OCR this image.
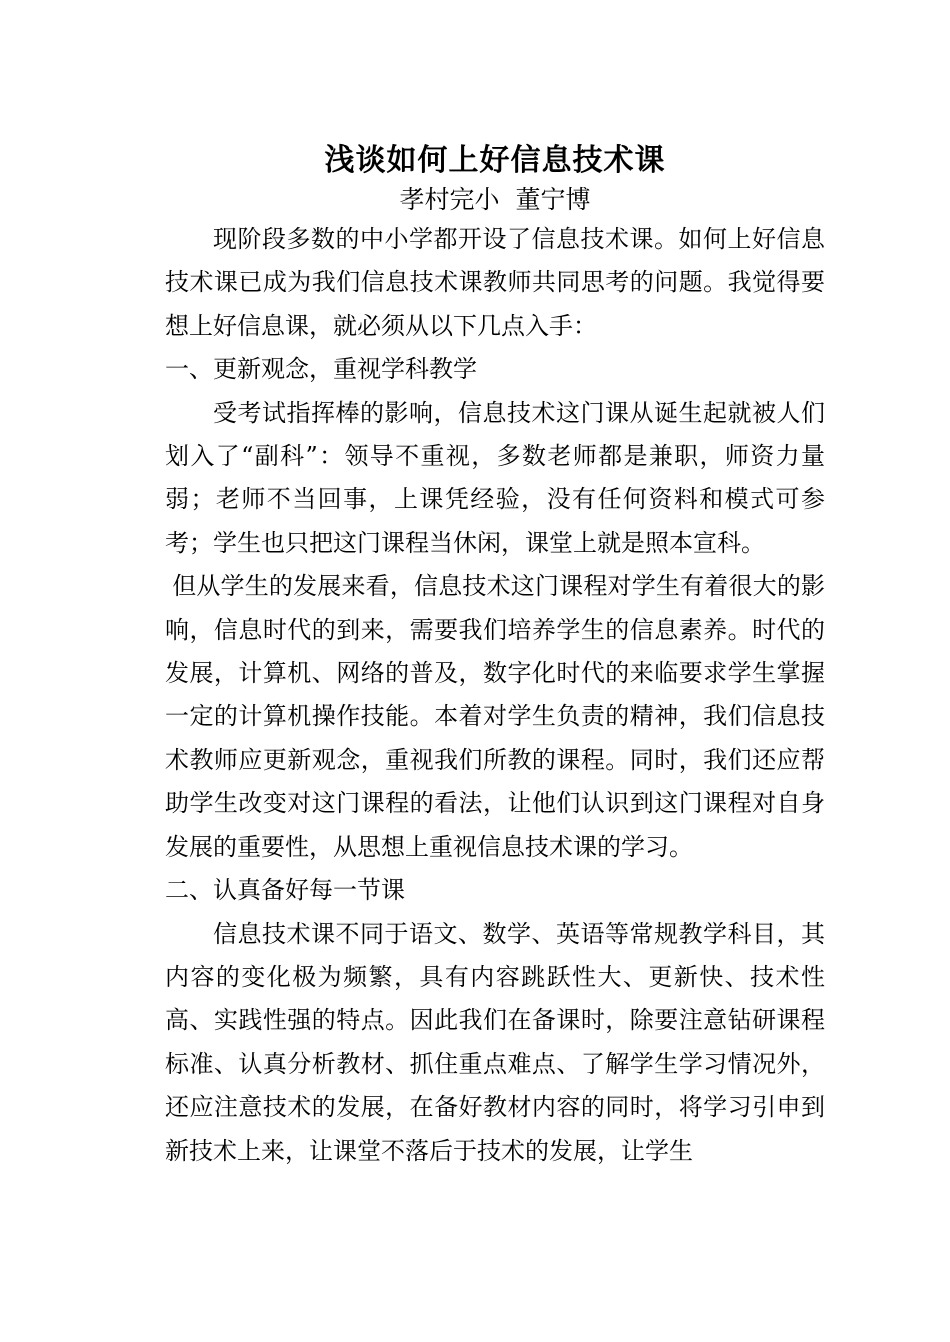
浅谈如何上好信息技术课

孝村完小  董宁博

现阶段多数的中小学都开设了信息技术课。如何上好信息技术课已成为我们信息技术课教师共同思考的问题。我觉得要想上好信息课，就必须从以下几点入手：

一、更新观念，重视学科教学

受考试指挥棒的影响，信息技术这门课从诞生起就被人们划入了“副科”：领导不重视，多数老师都是兼职，师资力量弱；老师不当回事，上课凭经验，没有任何资料和模式可参考；学生也只把这门课程当休闲，课堂上就是照本宣科。

但从学生的发展来看，信息技术这门课程对学生有着很大的影响，信息时代的到来，需要我们培养学生的信息素养。时代的发展，计算机、网络的普及，数字化时代的来临要求学生掌握一定的计算机操作技能。本着对学生负责的精神，我们信息技术教师应更新观念，重视我们所教的课程。同时，我们还应帮助学生改变对这门课程的看法，让他们认识到这门课程对自身发展的重要性，从思想上重视信息技术课的学习。

二、认真备好每一节课

信息技术课不同于语文、数学、英语等常规教学科目，其内容的变化极为频繁，具有内容跳跃性大、更新快、技术性高、实践性强的特点。因此我们在备课时，除要注意钻研课程标准、认真分析教材、抓住重点难点、了解学生学习情况外，还应注意技术的发展，在备好教材内容的同时，将学习引申到新技术上来，让课堂不落后于技术的发展，让学生
